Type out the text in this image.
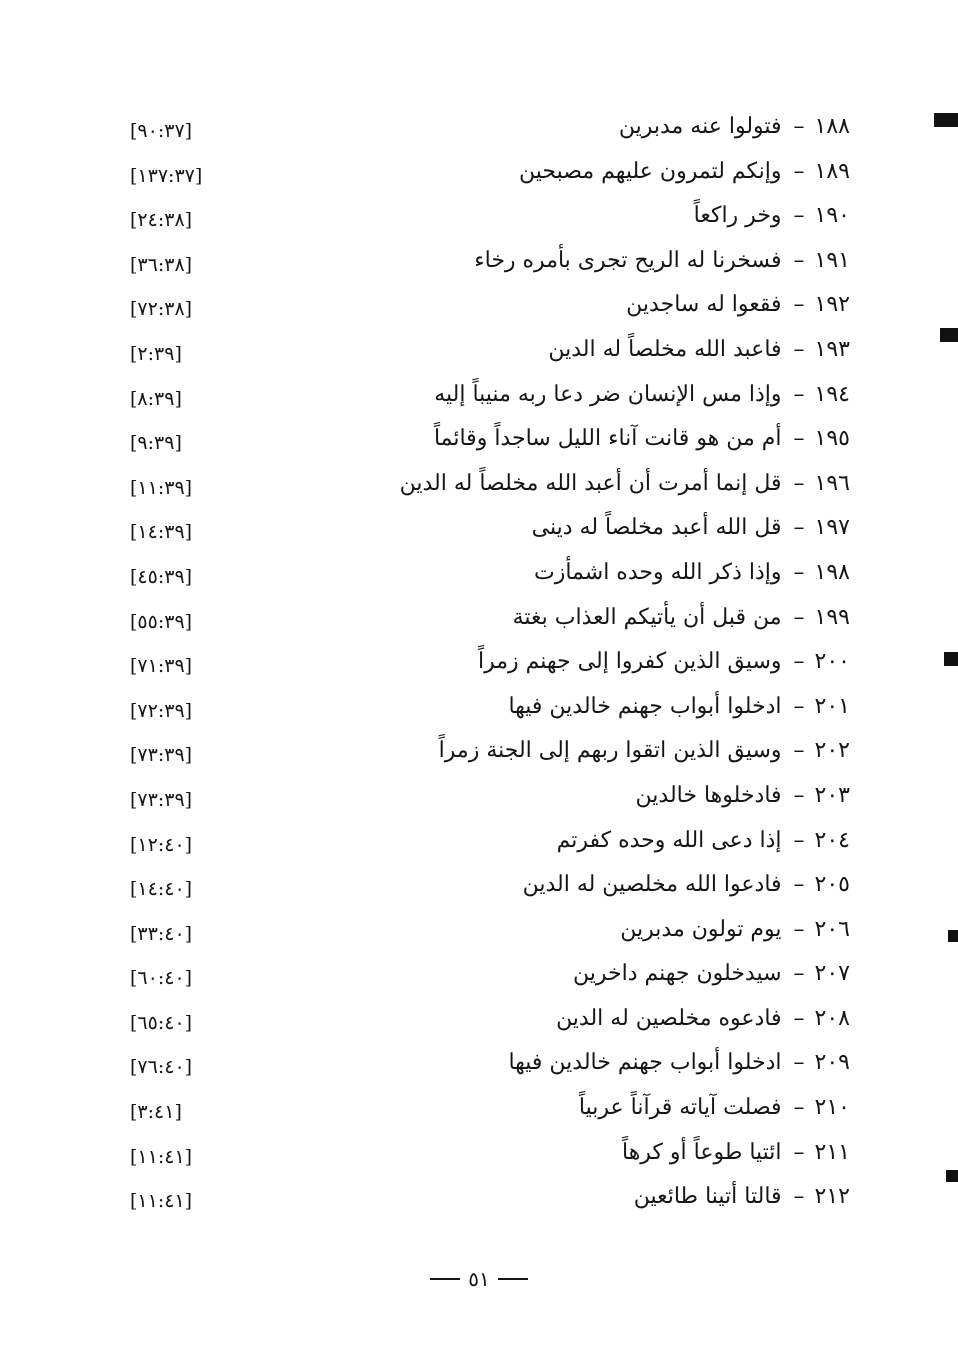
١٨٨–فتولوا عنه مدبرين
[٩٠:٣٧]
١٨٩–وإنكم لتمرون عليهم مصبحين
[١٣٧:٣٧]
١٩٠–وخر راكعاً
[٢٤:٣٨]
١٩١–فسخرنا له الريح تجرى بأمره رخاء
[٣٦:٣٨]
١٩٢–فقعوا له ساجدين
[٧٢:٣٨]
١٩٣–فاعبد الله مخلصاً له الدين
[٢:٣٩]
١٩٤–وإذا مس الإنسان ضر دعا ربه منيباً إليه
[٨:٣٩]
١٩٥–أم من هو قانت آناء الليل ساجداً وقائماً
[٩:٣٩]
١٩٦–قل إنما أمرت أن أعبد الله مخلصاً له الدين
[١١:٣٩]
١٩٧–قل الله أعبد مخلصاً له دينى
[١٤:٣٩]
١٩٨–وإذا ذكر الله وحده اشمأزت
[٤٥:٣٩]
١٩٩–من قبل أن يأتيكم العذاب بغتة
[٥٥:٣٩]
٢٠٠–وسيق الذين كفروا إلى جهنم زمراً
[٧١:٣٩]
٢٠١–ادخلوا أبواب جهنم خالدين فيها
[٧٢:٣٩]
٢٠٢–وسيق الذين اتقوا ربهم إلى الجنة زمراً
[٧٣:٣٩]
٢٠٣–فادخلوها خالدين
[٧٣:٣٩]
٢٠٤–إذا دعى الله وحده كفرتم
[١٢:٤٠]
٢٠٥–فادعوا الله مخلصين له الدين
[١٤:٤٠]
٢٠٦–يوم تولون مدبرين
[٣٣:٤٠]
٢٠٧–سيدخلون جهنم داخرين
[٦٠:٤٠]
٢٠٨–فادعوه مخلصين له الدين
[٦٥:٤٠]
٢٠٩–ادخلوا أبواب جهنم خالدين فيها
[٧٦:٤٠]
٢١٠–فصلت آياته قرآناً عربياً
[٣:٤١]
٢١١–ائتيا طوعاً أو كرهاً
[١١:٤١]
٢١٢–قالتا أتينا طائعين
[١١:٤١]
٥١
